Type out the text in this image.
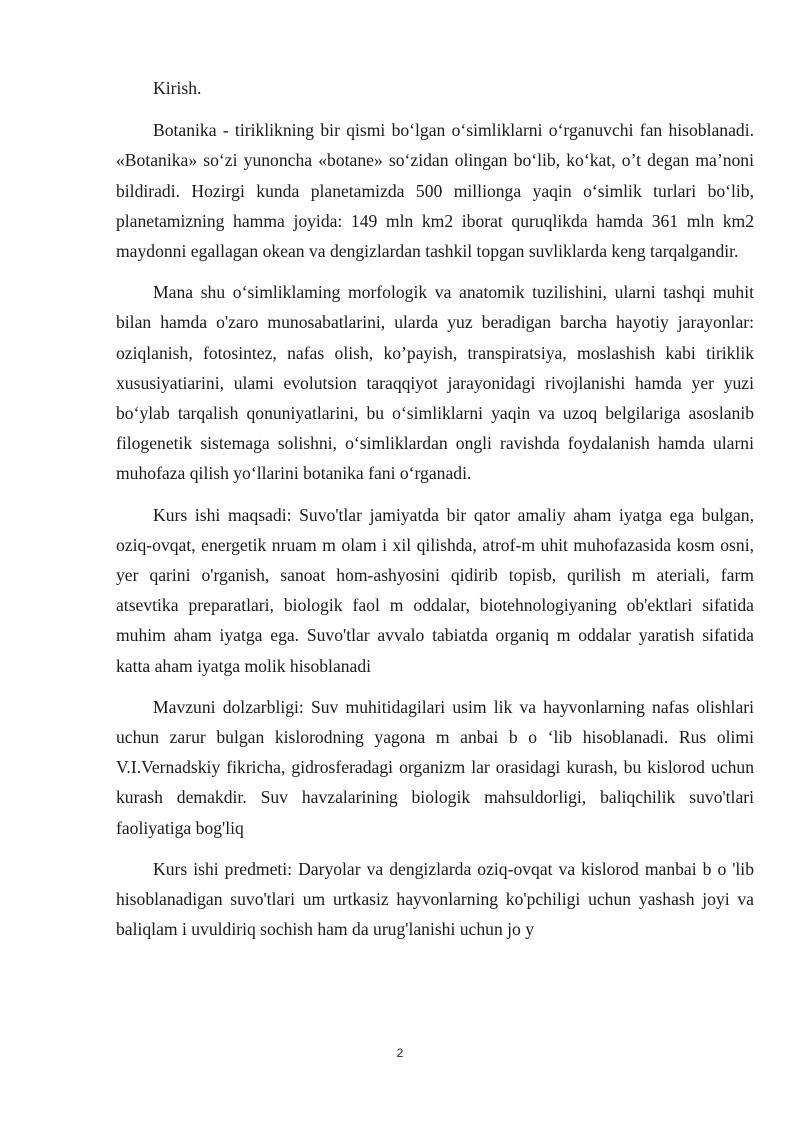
Kirish.

Botanika - tiriklikning bir qismi bo‘lgan o‘simliklarni o‘rganuvchi fan hisoblanadi. «Botanika» so‘zi yunoncha «botane» so‘zidan olingan bo‘lib, ko‘kat, o’t degan ma’noni bildiradi. Hozirgi kunda planetamizda 500 millionga yaqin o‘simlik turlari bo‘lib, planetamizning hamma joyida: 149 mln km2 iborat quruqlikda hamda 361 mln km2 maydonni egallagan okean va dengizlardan tashkil topgan suvliklarda keng tarqalgandir.

Mana shu o‘simliklaming morfologik va anatomik tuzilishini, ularni tashqi muhit bilan hamda o'zaro munosabatlarini, ularda yuz beradigan barcha hayotiy jarayonlar: oziqlanish, fotosintez, nafas olish, ko’payish, transpiratsiya, moslashish kabi tiriklik xususiyatiarini, ulami evolutsion taraqqiyot jarayonidagi rivojlanishi hamda yer yuzi bo‘ylab tarqalish qonuniyatlarini, bu o‘simliklarni yaqin va uzoq belgilariga asoslanib filogenetik sistemaga solishni, o‘simliklardan ongli ravishda foydalanish hamda ularni muhofaza qilish yo‘llarini botanika fani o‘rganadi.

Kurs ishi maqsadi: Suvo'tlar jamiyatda bir qator amaliy aham iyatga ega bulgan, oziq-ovqat, energetik nruam m olam i xil qilishda, atrof-m uhit muhofazasida kosm osni, yer qarini o'rganish, sanoat hom-ashyosini qidirib topisb, qurilish m ateriali, farm atsevtika preparatlari, biologik faol m oddalar, biotehnologiyaning ob'ektlari sifatida muhim aham iyatga ega. Suvo'tlar avvalo tabiatda organiq m oddalar yaratish sifatida katta aham iyatga molik hisoblanadi

Mavzuni dolzarbligi: Suv muhitidagilari usim lik va hayvonlarning nafas olishlari uchun zarur bulgan kislorodning yagona m anbai b o ‘lib hisoblanadi. Rus olimi V.I.Vernadskiy fikricha, gidrosferadagi organizm lar orasidagi kurash, bu kislorod uchun kurash demakdir. Suv havzalarining biologik mahsuldorligi, baliqchilik suvo'tlari faoliyatiga bog'liq

Kurs ishi predmeti: Daryolar va dengizlarda oziq-ovqat va kislorod manbai b o 'lib hisoblanadigan suvo'tlari um urtkasiz hayvonlarning ko'pchiligi uchun yashash joyi va baliqlam i uvuldiriq sochish ham da urug'lanishi uchun jo y

2
